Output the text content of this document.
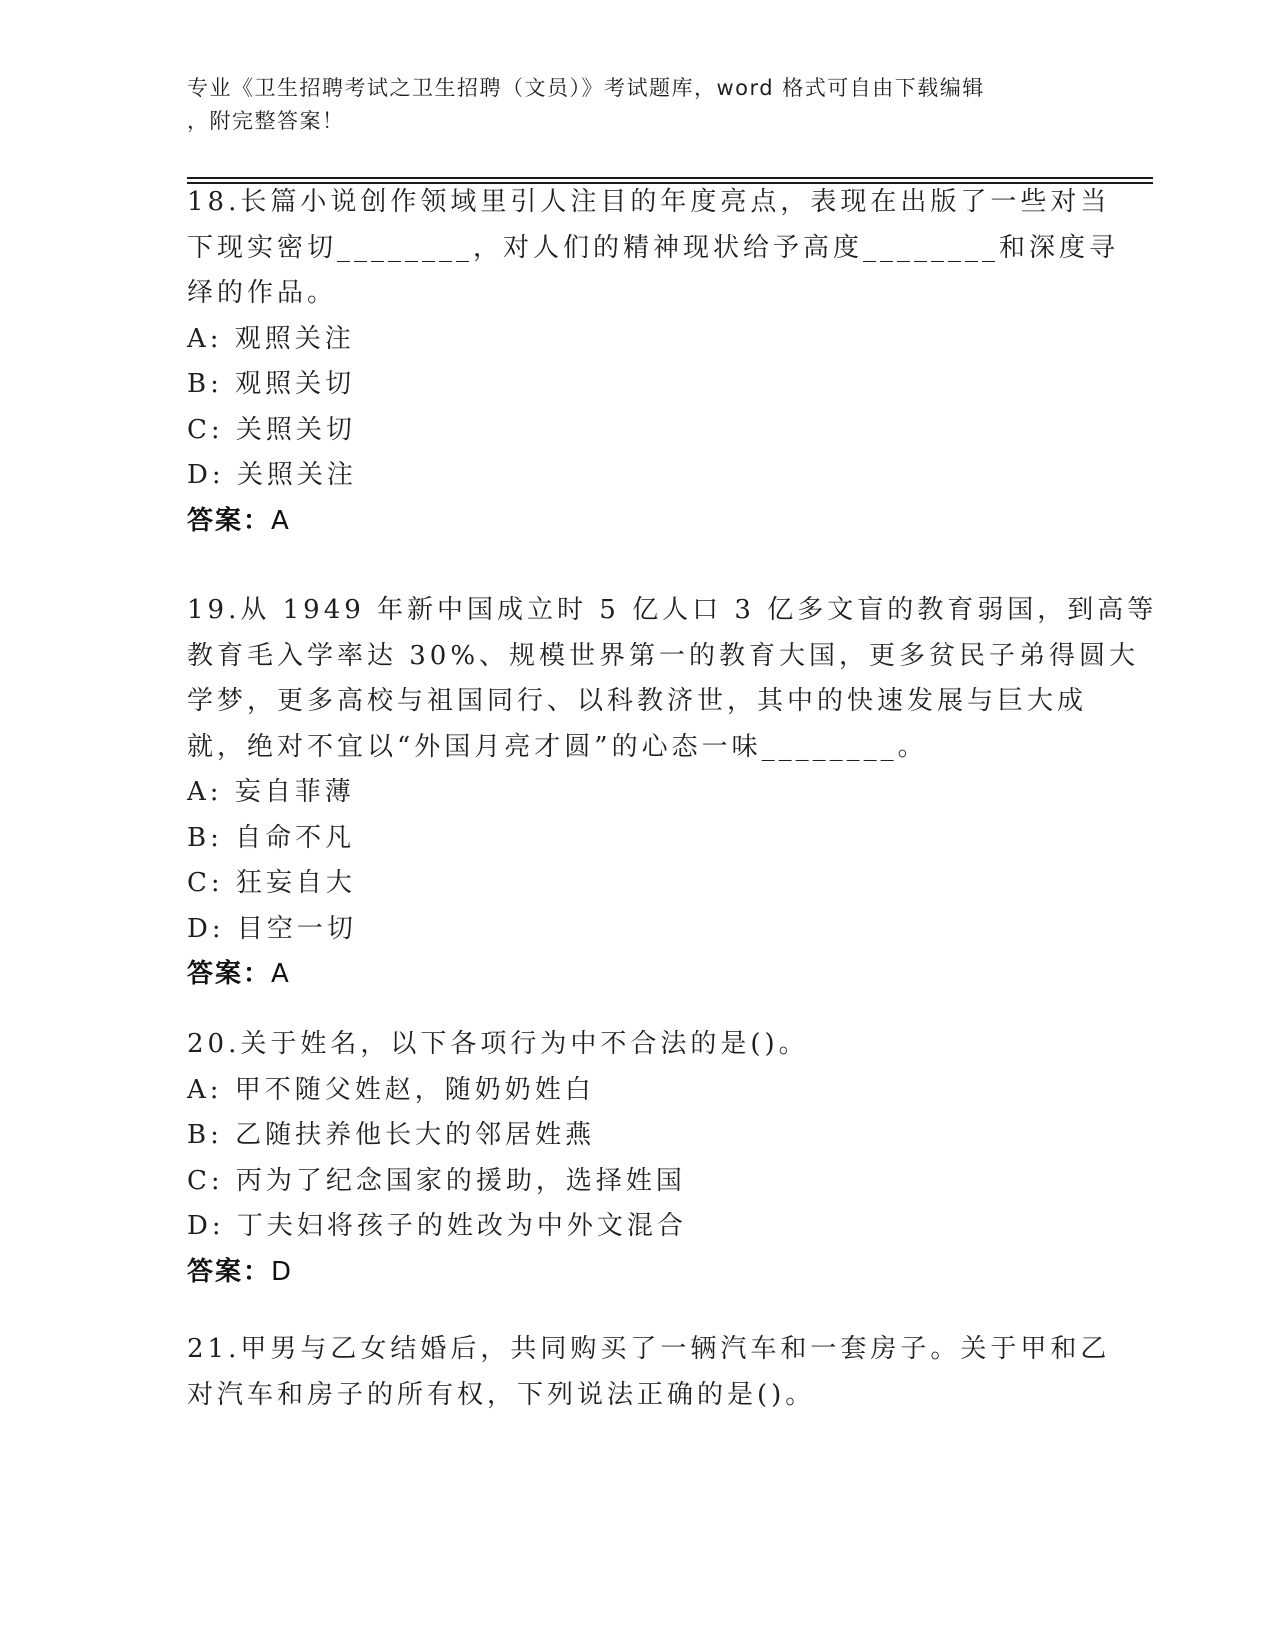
专业《卫生招聘考试之卫生招聘（文员）》考试题库，word 格式可自由下载编辑
，附完整答案！
18.长篇小说创作领域里引人注目的年度亮点，表现在出版了一些对当
下现实密切________，对人们的精神现状给予高度________和深度寻
绎的作品。
A: 观照关注
B: 观照关切
C: 关照关切
D: 关照关注
答案：A
19.从 1949 年新中国成立时 5 亿人口 3 亿多文盲的教育弱国，到高等
教育毛入学率达 30%、规模世界第一的教育大国，更多贫民子弟得圆大
学梦，更多高校与祖国同行、以科教济世，其中的快速发展与巨大成
就，绝对不宜以“外国月亮才圆”的心态一味________。
A: 妄自菲薄
B: 自命不凡
C: 狂妄自大
D: 目空一切
答案：A
20.关于姓名，以下各项行为中不合法的是()。
A: 甲不随父姓赵，随奶奶姓白
B: 乙随扶养他长大的邻居姓燕
C: 丙为了纪念国家的援助，选择姓国
D: 丁夫妇将孩子的姓改为中外文混合
答案：D
21.甲男与乙女结婚后，共同购买了一辆汽车和一套房子。关于甲和乙
对汽车和房子的所有权，下列说法正确的是()。
